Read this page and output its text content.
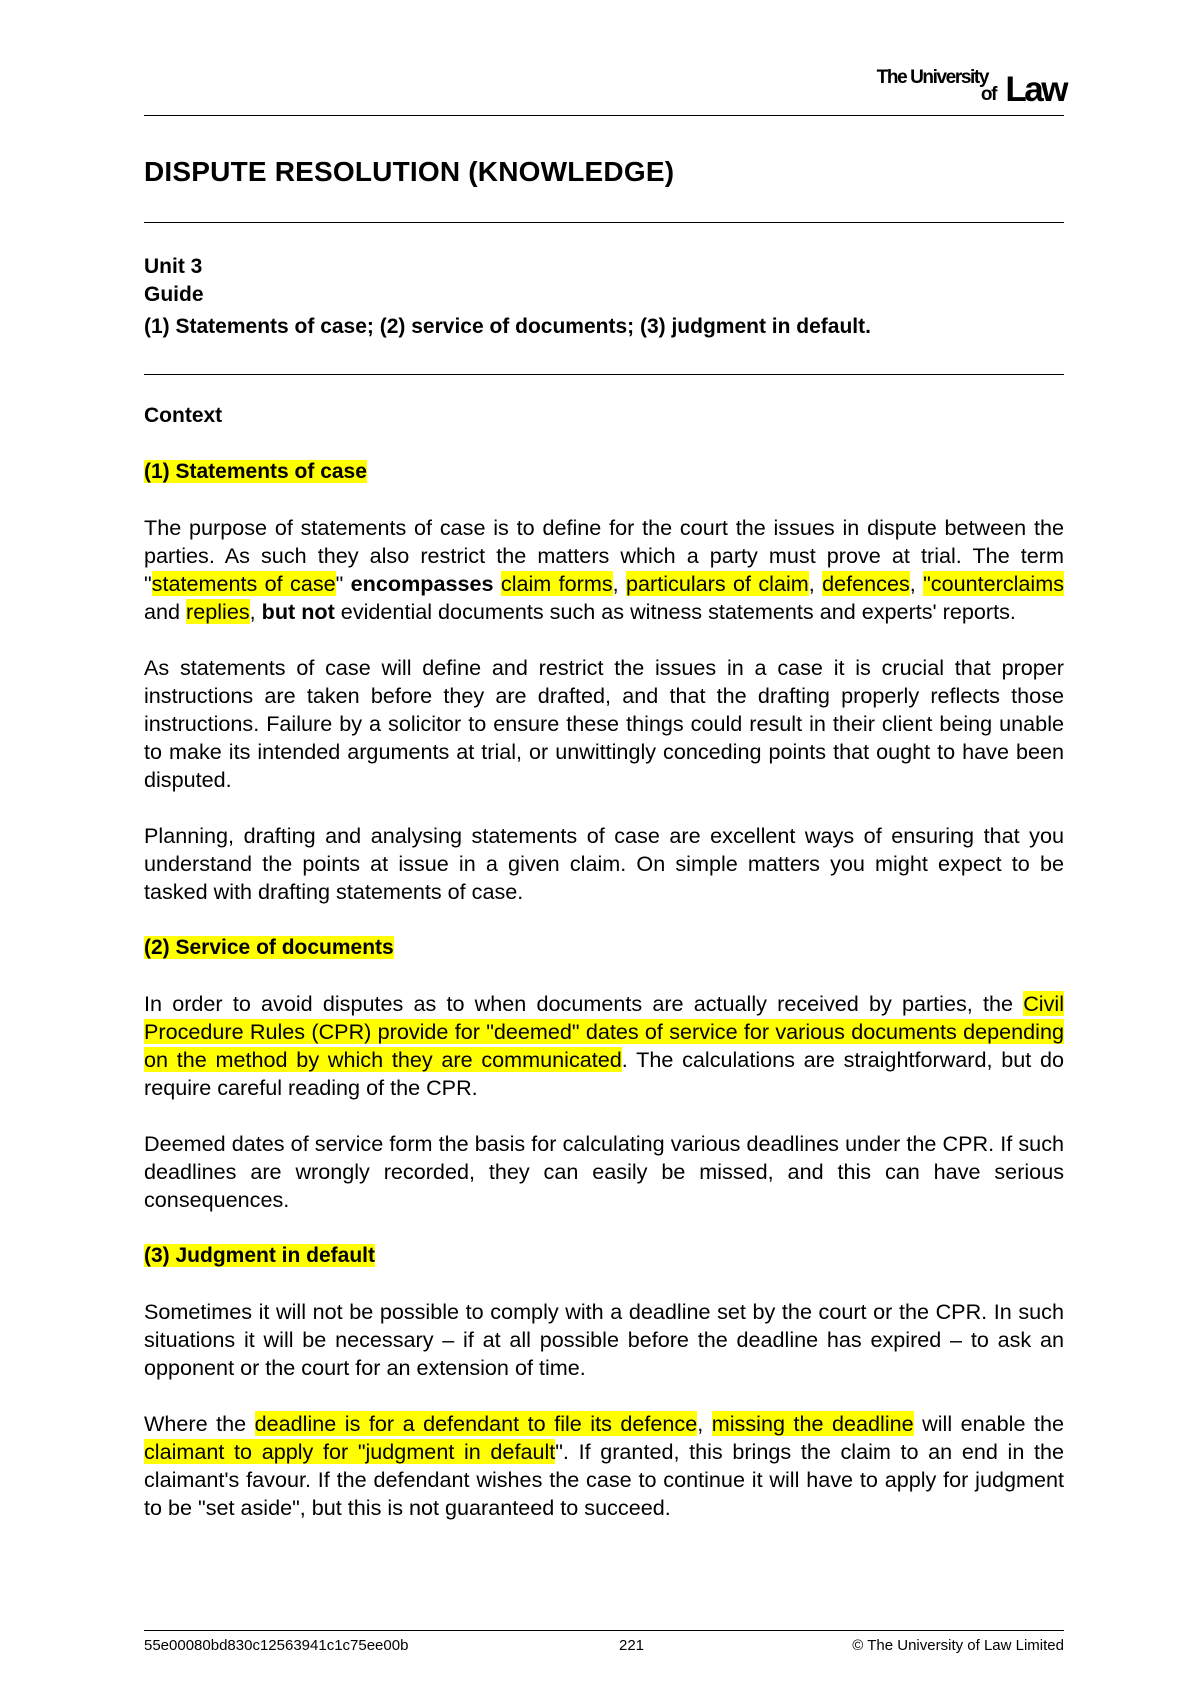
The University
of Law
DISPUTE RESOLUTION (KNOWLEDGE)
Unit 3
Guide
(1) Statements of case; (2) service of documents; (3) judgment in default.
Context
(1) Statements of case

The purpose of statements of case is to define for the court the issues in dispute between the parties. As such they also restrict the matters which a party must prove at trial. The term "statements of case" encompasses claim forms, particulars of claim, defences, "counterclaims and replies, but not evidential documents such as witness statements and experts' reports.

As statements of case will define and restrict the issues in a case it is crucial that proper instructions are taken before they are drafted, and that the drafting properly reflects those instructions. Failure by a solicitor to ensure these things could result in their client being unable to make its intended arguments at trial, or unwittingly conceding points that ought to have been disputed.

Planning, drafting and analysing statements of case are excellent ways of ensuring that you understand the points at issue in a given claim. On simple matters you might expect to be tasked with drafting statements of case.

(2) Service of documents

In order to avoid disputes as to when documents are actually received by parties, the Civil Procedure Rules (CPR) provide for "deemed" dates of service for various documents depending on the method by which they are communicated. The calculations are straightforward, but do require careful reading of the CPR.

Deemed dates of service form the basis for calculating various deadlines under the CPR. If such deadlines are wrongly recorded, they can easily be missed, and this can have serious consequences.

(3) Judgment in default

Sometimes it will not be possible to comply with a deadline set by the court or the CPR. In such situations it will be necessary – if at all possible before the deadline has expired – to ask an opponent or the court for an extension of time.

Where the deadline is for a defendant to file its defence, missing the deadline will enable the claimant to apply for "judgment in default". If granted, this brings the claim to an end in the claimant's favour. If the defendant wishes the case to continue it will have to apply for judgment to be "set aside", but this is not guaranteed to succeed.

55e00080bd830c12563941c1c75ee00b	221	© The University of Law Limited
